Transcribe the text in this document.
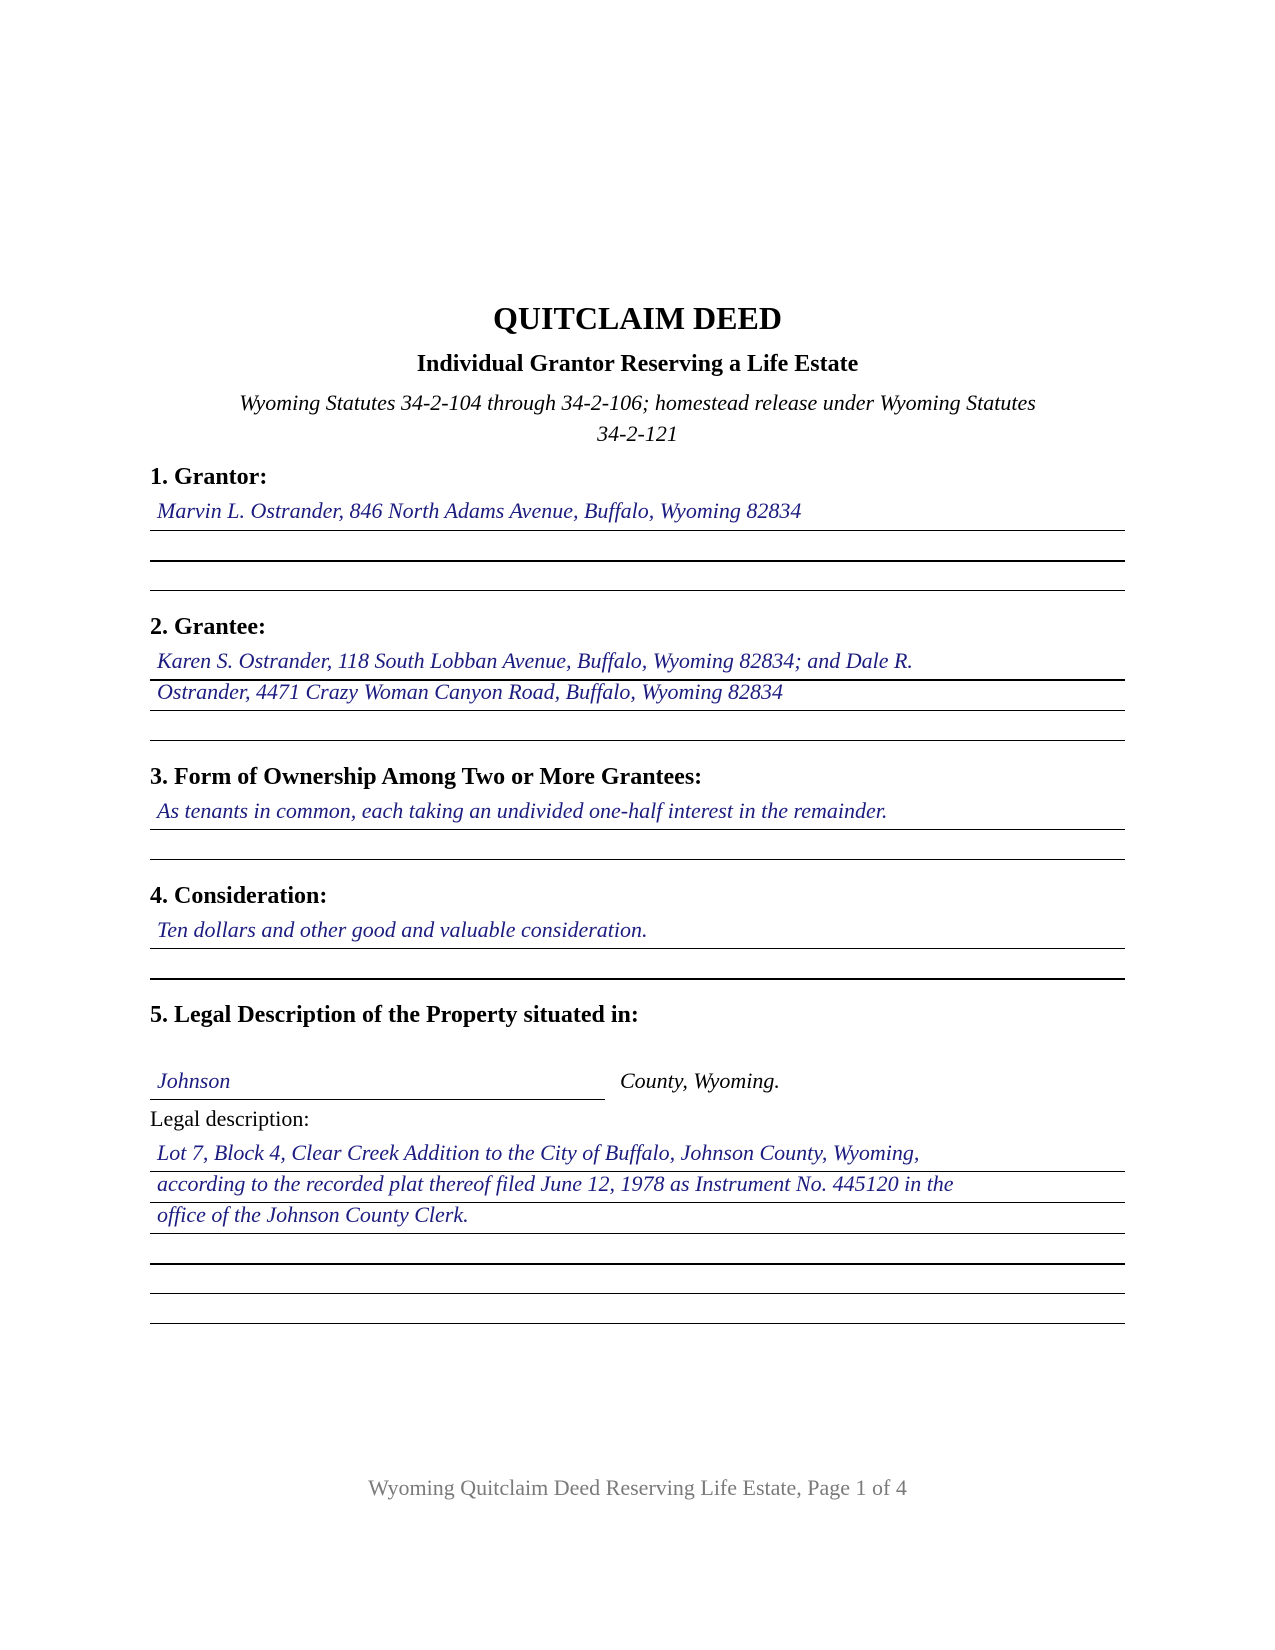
QUITCLAIM DEED
Individual Grantor Reserving a Life Estate
Wyoming Statutes 34-2-104 through 34-2-106; homestead release under Wyoming Statutes
34-2-121
1. Grantor:
Marvin L. Ostrander, 846 North Adams Avenue, Buffalo, Wyoming 82834
2. Grantee:
Karen S. Ostrander, 118 South Lobban Avenue, Buffalo, Wyoming 82834; and Dale R.
Ostrander, 4471 Crazy Woman Canyon Road, Buffalo, Wyoming 82834
3. Form of Ownership Among Two or More Grantees:
As tenants in common, each taking an undivided one-half interest in the remainder.
4. Consideration:
Ten dollars and other good and valuable consideration.
5. Legal Description of the Property situated in:
Johnson	County, Wyoming.
Legal description:
Lot 7, Block 4, Clear Creek Addition to the City of Buffalo, Johnson County, Wyoming,
according to the recorded plat thereof filed June 12, 1978 as Instrument No. 445120 in the
office of the Johnson County Clerk.
Wyoming Quitclaim Deed Reserving Life Estate, Page 1 of 4
